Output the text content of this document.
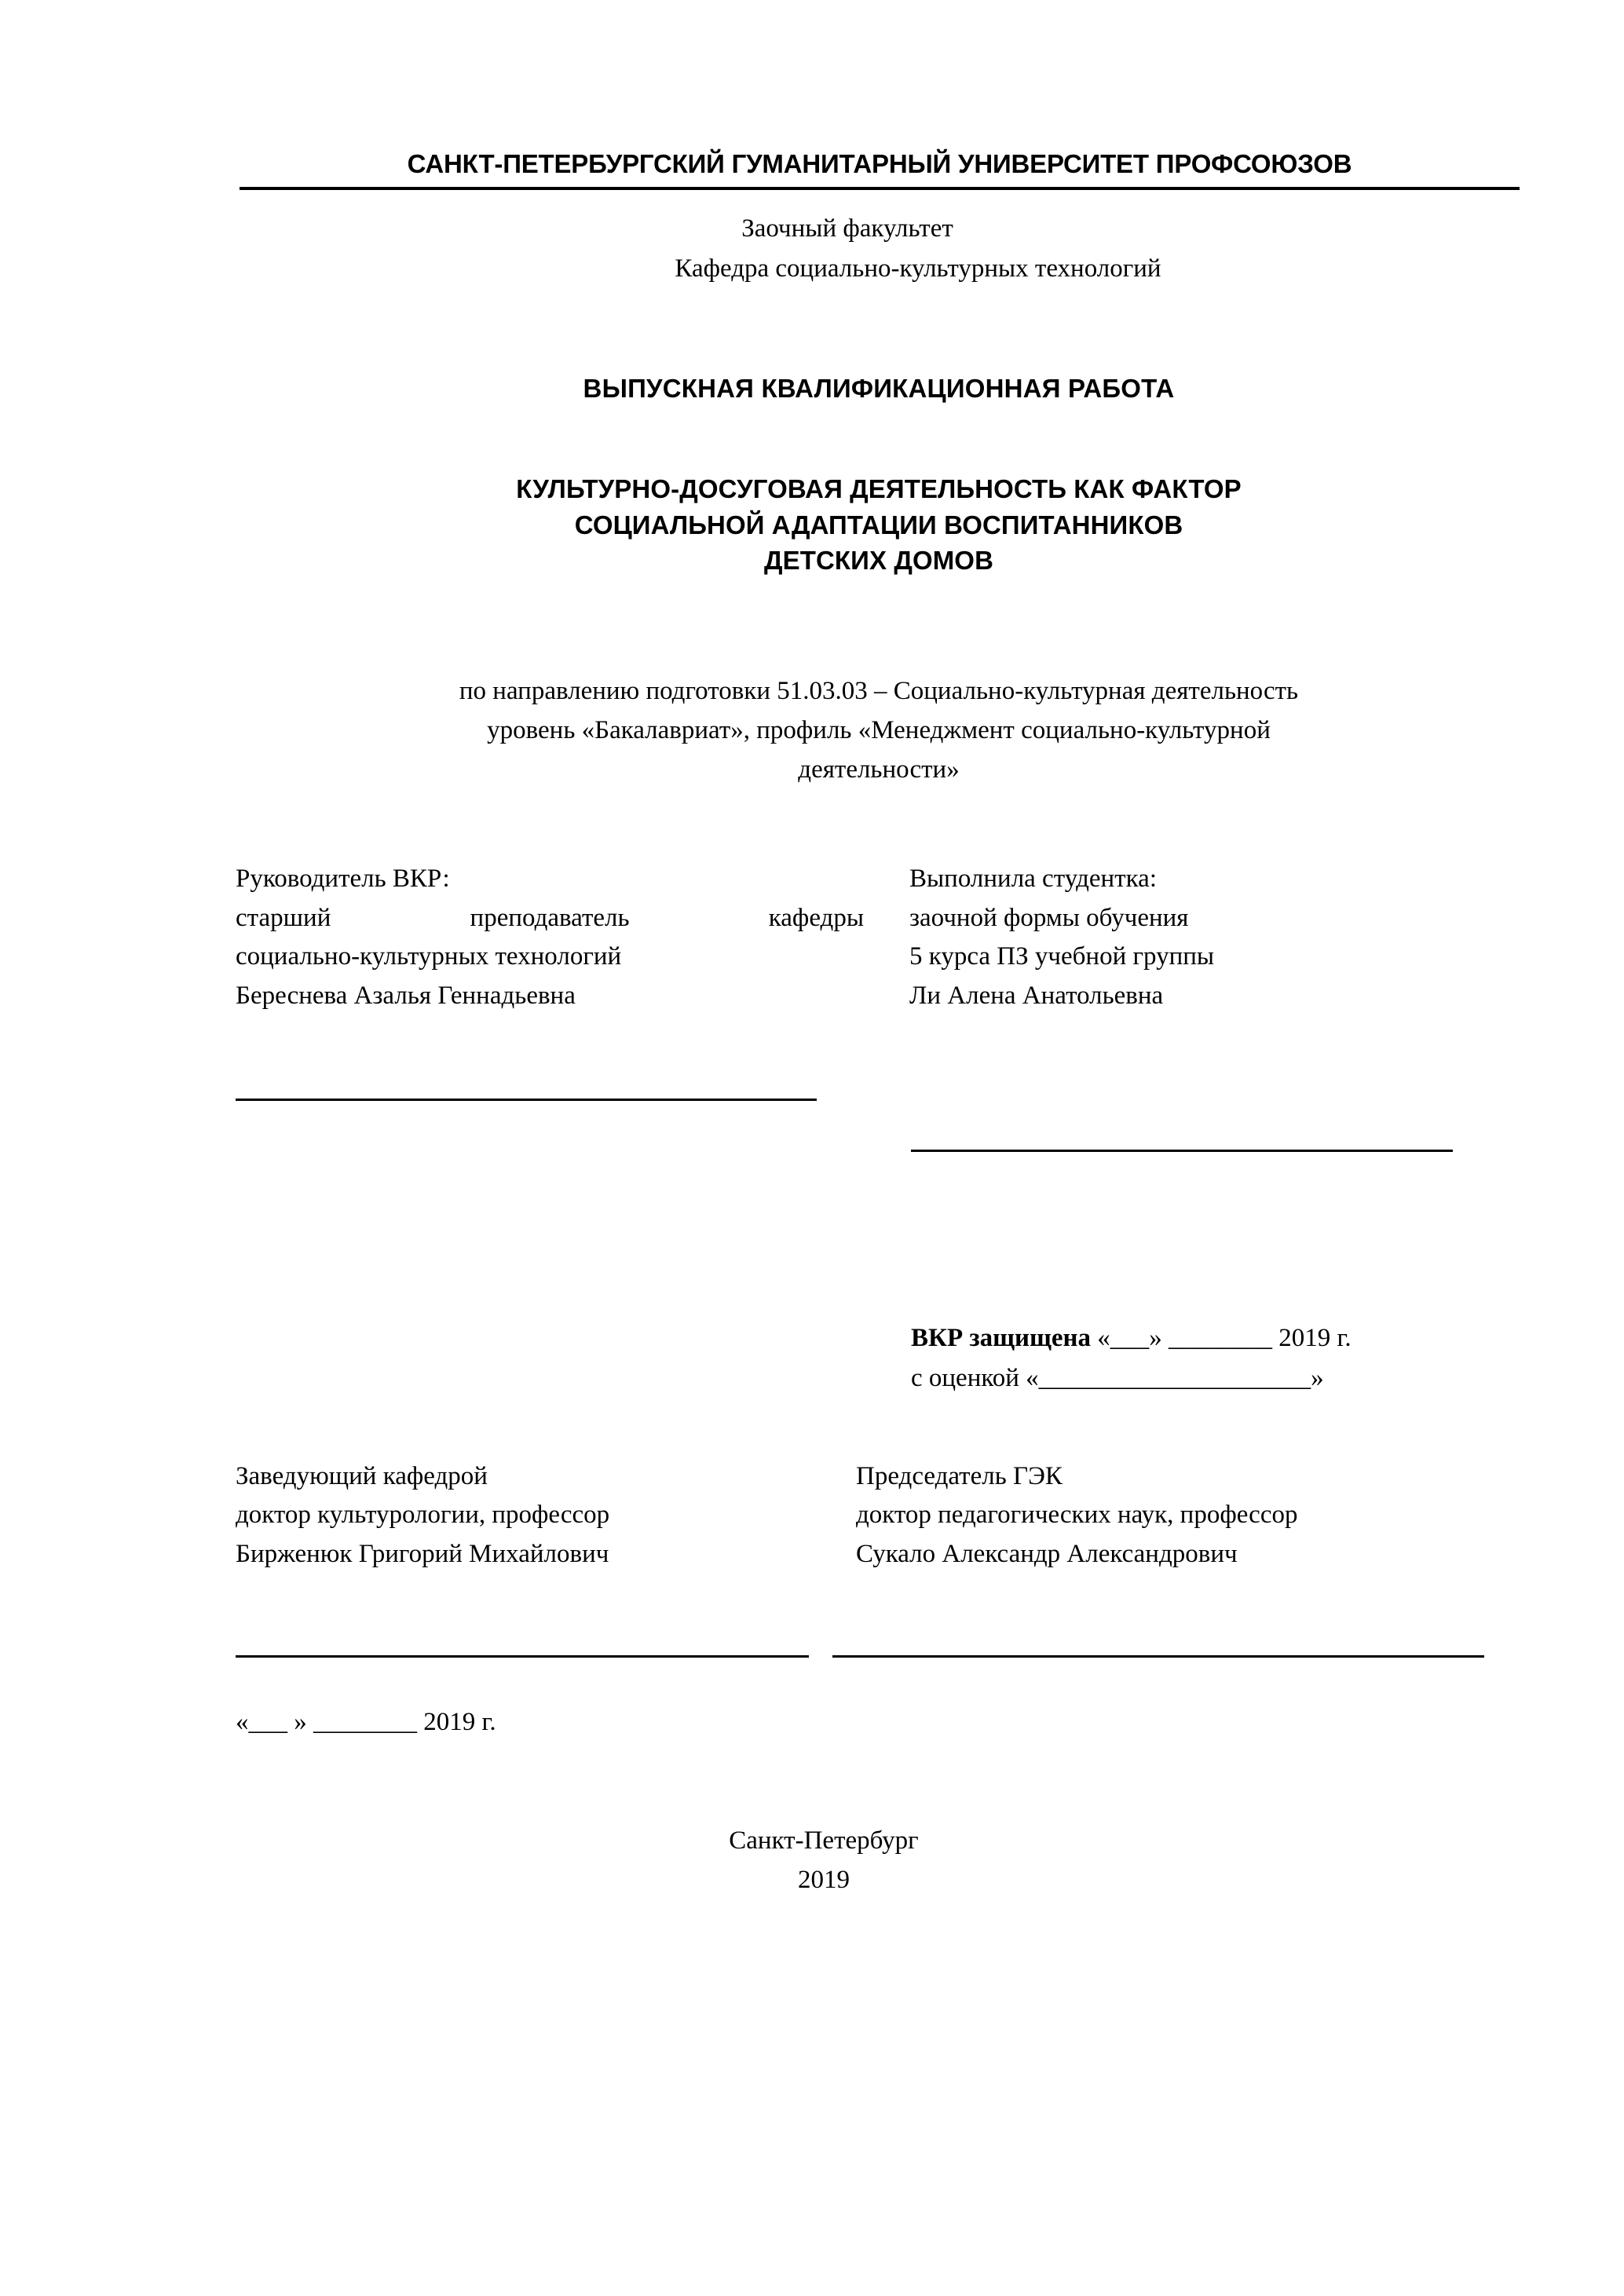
САНКТ-ПЕТЕРБУРГСКИЙ ГУМАНИТАРНЫЙ УНИВЕРСИТЕТ ПРОФСОЮЗОВ
Заочный факультет
Кафедра социально-культурных технологий
ВЫПУСКНАЯ КВАЛИФИКАЦИОННАЯ РАБОТА
КУЛЬТУРНО-ДОСУГОВАЯ ДЕЯТЕЛЬНОСТЬ КАК ФАКТОР
СОЦИАЛЬНОЙ АДАПТАЦИИ ВОСПИТАННИКОВ
ДЕТСКИХ ДОМОВ
по направлению подготовки 51.03.03 – Социально-культурная деятельность
уровень «Бакалавриат», профиль «Менеджмент социально-культурной
деятельности»
Руководитель ВКР:
старший преподаватель кафедры
социально-культурных технологий
Береснева Азалья Геннадьевна
Выполнила студентка:
заочной формы обучения
5 курса ПЗ учебной группы
Ли Алена Анатольевна
ВКР защищена «___» ________ 2019 г.
с оценкой «_____________________»
Заведующий кафедрой
доктор культурологии, профессор
Бирженюк Григорий Михайлович
Председатель ГЭК
доктор педагогических наук, профессор
Сукало Александр Александрович
«___ » ________ 2019 г.
Санкт-Петербург
2019
